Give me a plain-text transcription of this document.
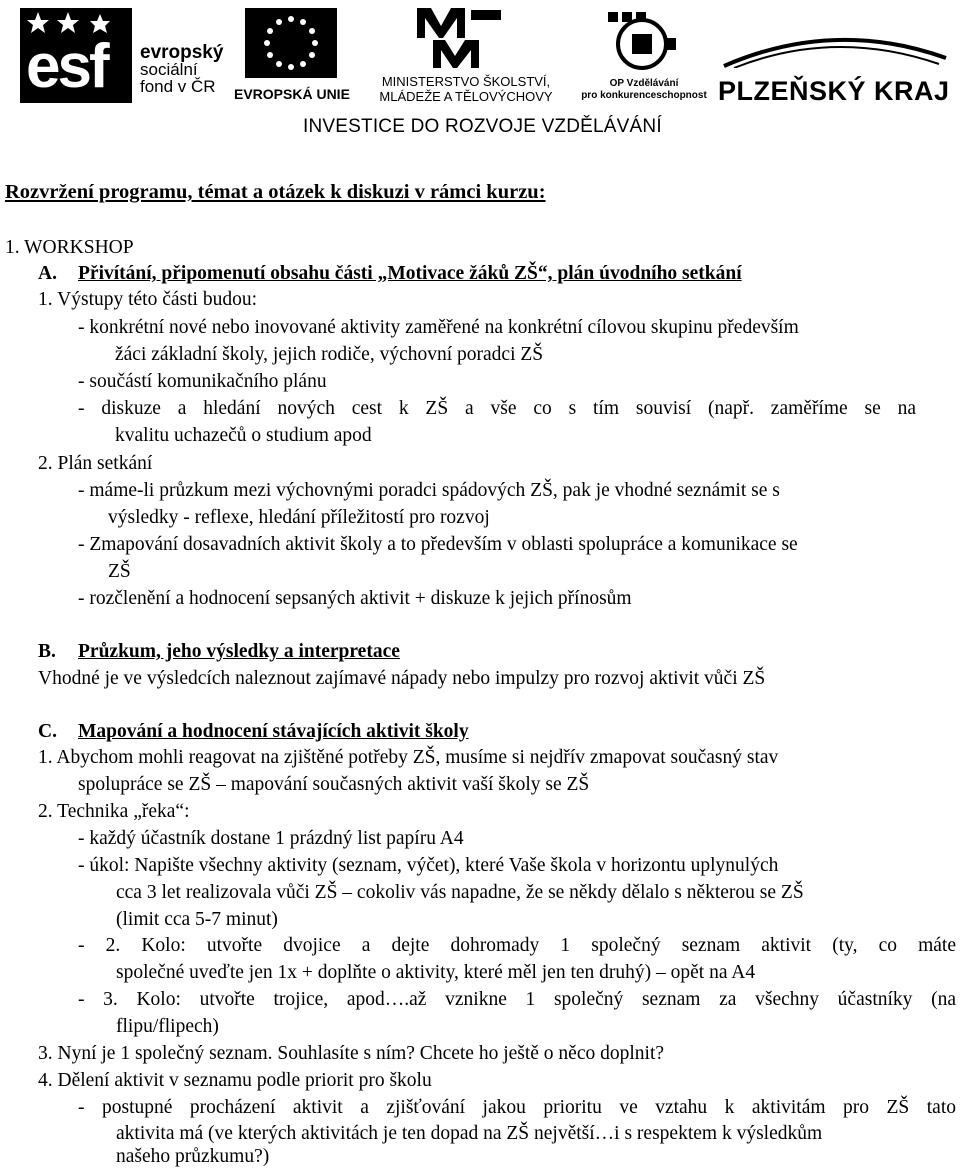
esf evropský
sociální
fond v ČR	EVROPSKÁ UNIE
MINISTERSTVO ŠKOLSTVÍ,
MLÁDEŽE A TĚLOVÝCHOVY
OP Vzdělávání
pro konkurenceschopnost PLZEŇSKÝ KRAJ
INVESTICE DO ROZVOJE VZDĚLÁVÁNÍ
Rozvržení programu, témat a otázek k diskuzi v rámci kurzu:
1. WORKSHOP
A. Přivítání, připomenutí obsahu části „Motivace žáků ZŠ“, plán úvodního setkání
1. Výstupy této části budou:
- konkrétní nové nebo inovované aktivity zaměřené na konkrétní cílovou skupinu především
žáci základní školy, jejich rodiče, výchovní poradci ZŠ
- součástí komunikačního plánu
- diskuze a hledání nových cest k ZŠ a vše co s tím souvisí (např. zaměříme se na
kvalitu uchazečů o studium apod
2. Plán setkání
- máme-li průzkum mezi výchovnými poradci spádových ZŠ, pak je vhodné seznámit se s
výsledky - reflexe, hledání příležitostí pro rozvoj
- Zmapování dosavadních aktivit školy a to především v oblasti spolupráce a komunikace se
ZŠ
- rozčlenění a hodnocení sepsaných aktivit + diskuze k jejich přínosům
B. Průzkum, jeho výsledky a interpretace
Vhodné je ve výsledcích naleznout zajímavé nápady nebo impulzy pro rozvoj aktivit vůči ZŠ
C. Mapování a hodnocení stávajících aktivit školy
1. Abychom mohli reagovat na zjištěné potřeby ZŠ, musíme si nejdřív zmapovat současný stav
spolupráce se ZŠ – mapování současných aktivit vaší školy se ZŠ
2. Technika „řeka“:
- každý účastník dostane 1 prázdný list papíru A4
- úkol: Napište všechny aktivity (seznam, výčet), které Vaše škola v horizontu uplynulých
cca 3 let realizovala vůči ZŠ – cokoliv vás napadne, že se někdy dělalo s některou se ZŠ
(limit cca 5-7 minut)
- 2. Kolo: utvořte dvojice a dejte dohromady 1 společný seznam aktivit (ty, co máte
společné uveďte jen 1x + doplňte o aktivity, které měl jen ten druhý) – opět na A4
- 3. Kolo: utvořte trojice, apod….až vznikne 1 společný seznam za všechny účastníky (na
flipu/flipech)
3. Nyní je 1 společný seznam. Souhlasíte s ním? Chcete ho ještě o něco doplnit?
4. Dělení aktivit v seznamu podle priorit pro školu
- postupné procházení aktivit a zjišťování jakou prioritu ve vztahu k aktivitám pro ZŠ tato
aktivita má (ve kterých aktivitách je ten dopad na ZŠ největší…i s respektem k výsledkům
našeho průzkumu?)
